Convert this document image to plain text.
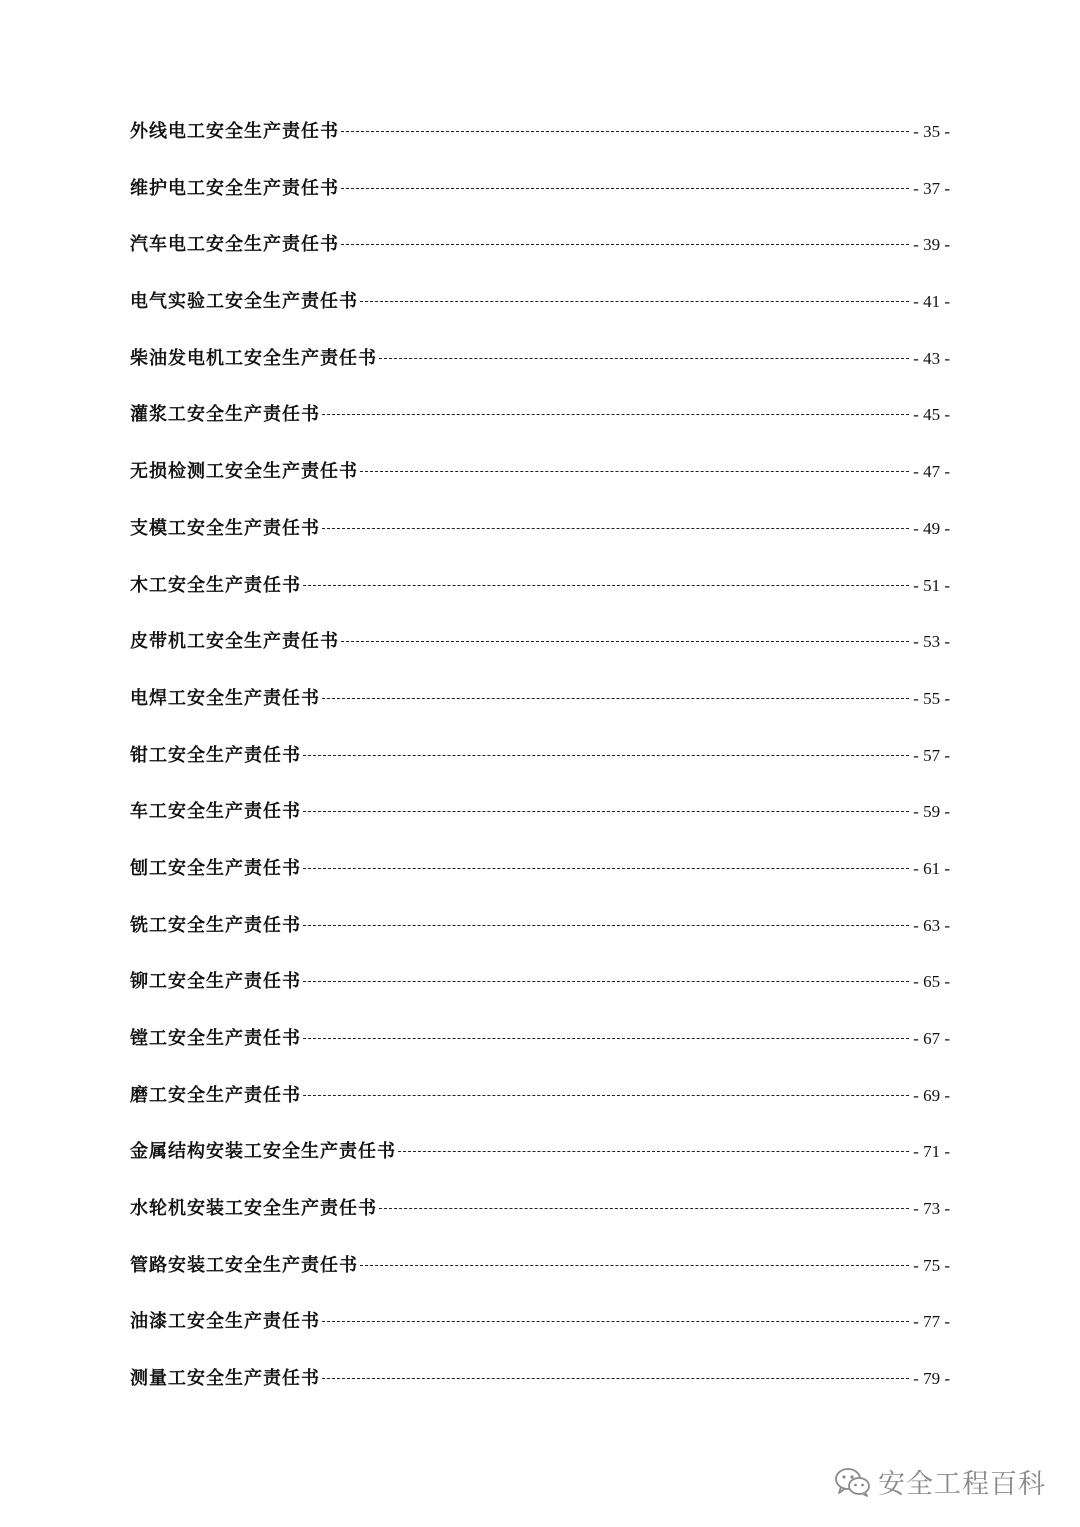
外线电工安全生产责任书	- 35 -
维护电工安全生产责任书	- 37 -
汽车电工安全生产责任书	- 39 -
电气实验工安全生产责任书	- 41 -
柴油发电机工安全生产责任书	- 43 -
灌浆工安全生产责任书	- 45 -
无损检测工安全生产责任书	- 47 -
支模工安全生产责任书	- 49 -
木工安全生产责任书	- 51 -
皮带机工安全生产责任书	- 53 -
电焊工安全生产责任书	- 55 -
钳工安全生产责任书	- 57 -
车工安全生产责任书	- 59 -
刨工安全生产责任书	- 61 -
铣工安全生产责任书	- 63 -
铆工安全生产责任书	- 65 -
镗工安全生产责任书	- 67 -
磨工安全生产责任书	- 69 -
金属结构安装工安全生产责任书	- 71 -
水轮机安装工安全生产责任书	- 73 -
管路安装工安全生产责任书	- 75 -
油漆工安全生产责任书	- 77 -
测量工安全生产责任书	- 79 -
安全工程百科
